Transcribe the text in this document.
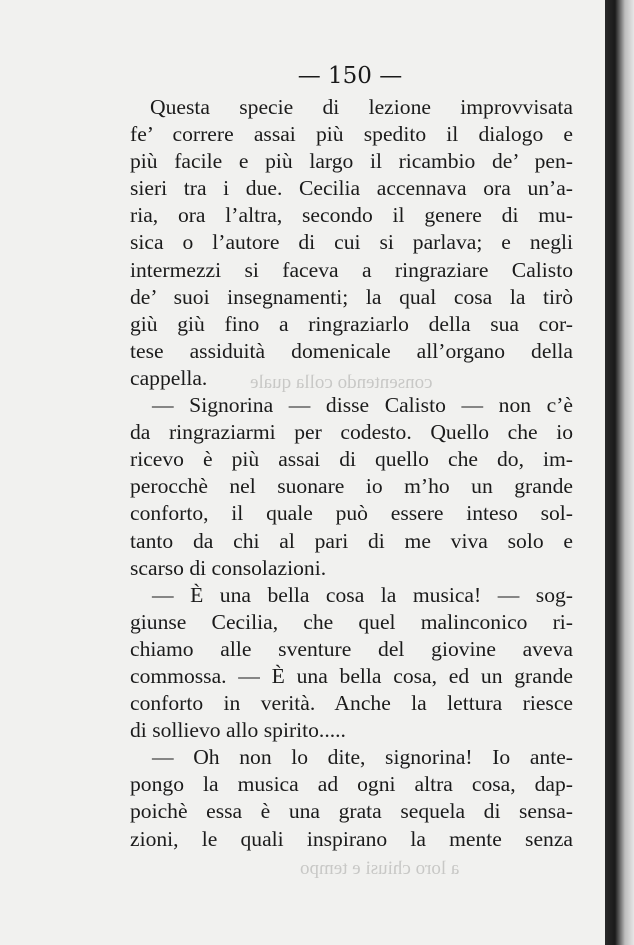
consentendo colla quale
a loro chiusi e tempo
— 150 —
Questa specie di lezione improvvisata
fe’ correre assai più spedito il dialogo e
più facile e più largo il ricambio de’ pen-
sieri tra i due. Cecilia accennava ora un’a-
ria, ora l’altra, secondo il genere di mu-
sica o l’autore di cui si parlava; e negli
intermezzi si faceva a ringraziare Calisto
de’ suoi insegnamenti; la qual cosa la tirò
giù giù fino a ringraziarlo della sua cor-
tese assiduità domenicale all’organo della
cappella.
— Signorina — disse Calisto — non c’è
da ringraziarmi per codesto. Quello che io
ricevo è più assai di quello che do, im-
perocchè nel suonare io m’ho un grande
conforto, il quale può essere inteso sol-
tanto da chi al pari di me viva solo e
scarso di consolazioni.
— È una bella cosa la musica! — sog-
giunse Cecilia, che quel malinconico ri-
chiamo alle sventure del giovine aveva
commossa. — È una bella cosa, ed un grande
conforto in verità. Anche la lettura riesce
di sollievo allo spirito.....
— Oh non lo dite, signorina! Io ante-
pongo la musica ad ogni altra cosa, dap-
poichè essa è una grata sequela di sensa-
zioni, le quali inspirano la mente senza
